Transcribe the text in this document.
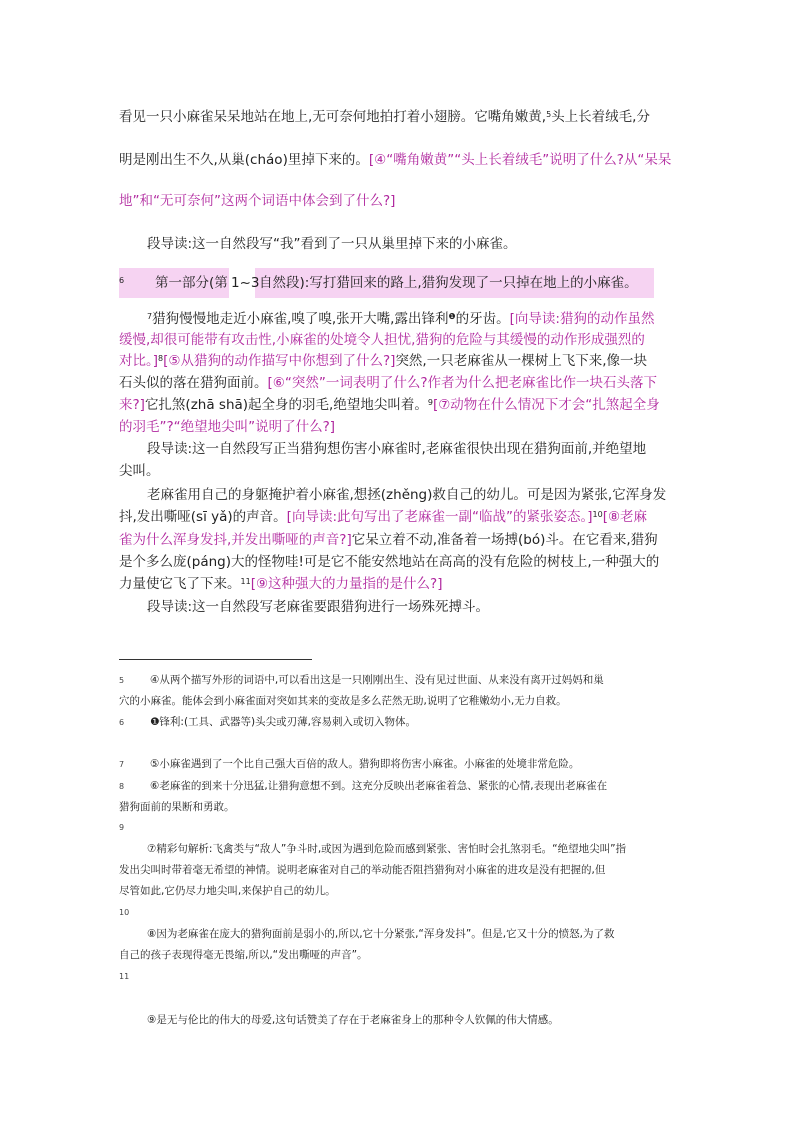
看见一只小麻雀呆呆地站在地上,无可奈何地拍打着小翅膀。它嘴角嫩黄,$^5$头上长着绒毛,分
明是刚出生不久,从巢(cháo)里掉下来的。[④“嘴角嫩黄”“头上长着绒毛”说明了什么?从“呆呆
地”和“无可奈何”这两个词语中体会到了什么?]
段导读:这一自然段写“我”看到了一只从巢里掉下来的小麻雀。
$^6$ 第一部分(第 1~3 自然段):写打猎回来的路上,猎狗发现了一只掉在地上的小麻雀。
$^7$猎狗慢慢地走近小麻雀,嗅了嗅,张开大嘴,露出锋利$^❶$的牙齿。[向导读:猎狗的动作虽然
缓慢,却很可能带有攻击性,小麻雀的处境令人担忧,猎狗的危险与其缓慢的动作形成强烈的
对比。]$^8$[⑤从猎狗的动作描写中你想到了什么?]突然,一只老麻雀从一棵树上飞下来,像一块
石头似的落在猎狗面前。[⑥“突然”一词表明了什么?作者为什么把老麻雀比作一块石头落下
来?]它扎煞(zhā shā)起全身的羽毛,绝望地尖叫着。$^9$[⑦动物在什么情况下才会“扎煞起全身
的羽毛”?“绝望地尖叫”说明了什么?]
段导读:这一自然段写正当猎狗想伤害小麻雀时,老麻雀很快出现在猎狗面前,并绝望地
尖叫。
老麻雀用自己的身躯掩护着小麻雀,想拯(zhěng)救自己的幼儿。可是因为紧张,它浑身发
抖,发出嘶哑(sī yǎ)的声音。[向导读:此句写出了老麻雀一副“临战”的紧张姿态。]$^{10}$[⑧老麻
雀为什么浑身发抖,并发出嘶哑的声音?]它呆立着不动,准备着一场搏(bó)斗。在它看来,猎狗
是个多么庞(páng)大的怪物哇!可是它不能安然地站在高高的没有危险的树枝上,一种强大的
力量使它飞了下来。$^{11}$[⑨这种强大的力量指的是什么?]
段导读:这一自然段写老麻雀要跟猎狗进行一场殊死搏斗。
5 ④从两个描写外形的词语中,可以看出这是一只刚刚出生、没有见过世面、从来没有离开过妈妈和巢
穴的小麻雀。能体会到小麻雀面对突如其来的变故是多么茫然无助,说明了它稚嫩幼小,无力自救。
6 ❶锋利:(工具、武器等)头尖或刃薄,容易刺入或切入物体。
7 ⑤小麻雀遇到了一个比自己强大百倍的敌人。猎狗即将伤害小麻雀。小麻雀的处境非常危险。
8 ⑥老麻雀的到来十分迅猛,让猎狗意想不到。这充分反映出老麻雀着急、紧张的心情,表现出老麻雀在
猎狗面前的果断和勇敢。
9
⑦精彩句解析:飞禽类与“敌人”争斗时,或因为遇到危险而感到紧张、害怕时会扎煞羽毛。“绝望地尖叫”指
发出尖叫时带着毫无希望的神情。说明老麻雀对自己的举动能否阻挡猎狗对小麻雀的进攻是没有把握的,但
尽管如此,它仍尽力地尖叫,来保护自己的幼儿。
10
⑧因为老麻雀在庞大的猎狗面前是弱小的,所以,它十分紧张,“浑身发抖”。但是,它又十分的愤怒,为了救
自己的孩子表现得毫无畏缩,所以,“发出嘶哑的声音”。
11
⑨是无与伦比的伟大的母爱,这句话赞美了存在于老麻雀身上的那种令人钦佩的伟大情感。
